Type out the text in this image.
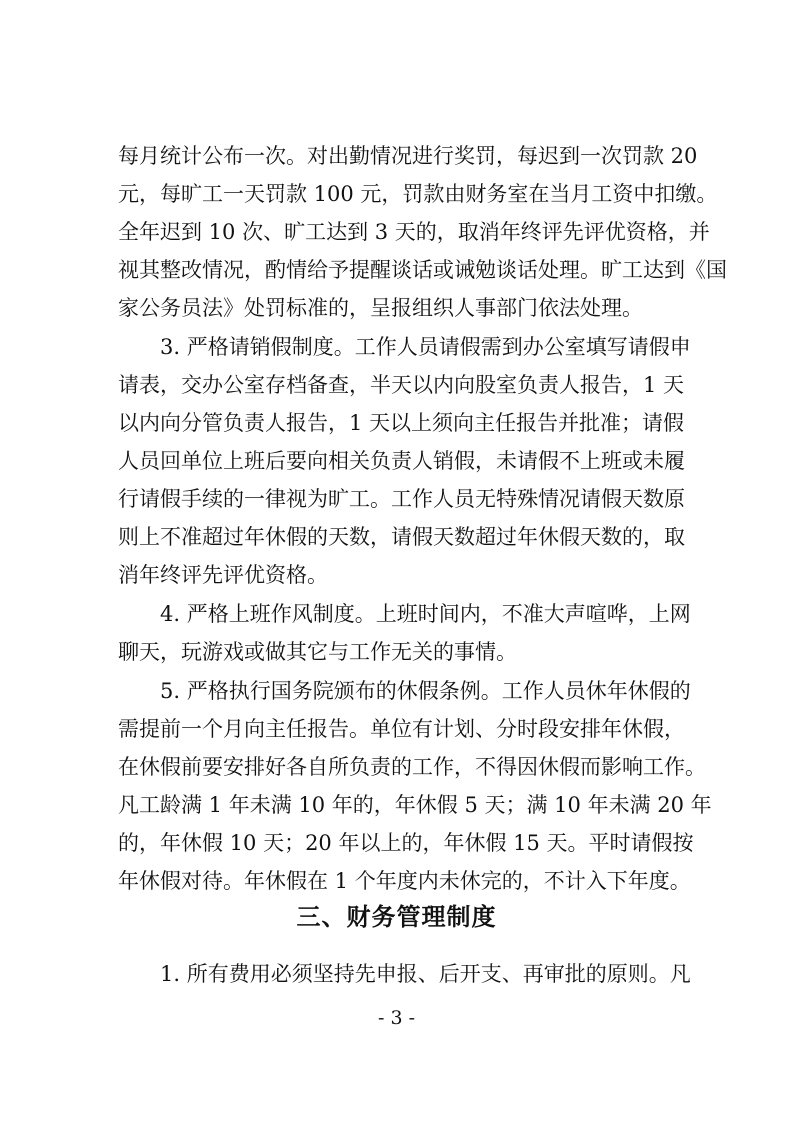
每月统计公布一次。对出勤情况进行奖罚，每迟到一次罚款 20
元，每旷工一天罚款 100 元，罚款由财务室在当月工资中扣缴。
全年迟到 10 次、旷工达到 3 天的，取消年终评先评优资格，并
视其整改情况，酌情给予提醒谈话或诫勉谈话处理。旷工达到《国
家公务员法》处罚标准的，呈报组织人事部门依法处理。
3. 严格请销假制度。工作人员请假需到办公室填写请假申
请表，交办公室存档备查，半天以内向股室负责人报告，1 天
以内向分管负责人报告，1 天以上须向主任报告并批准；请假
人员回单位上班后要向相关负责人销假，未请假不上班或未履
行请假手续的一律视为旷工。工作人员无特殊情况请假天数原
则上不准超过年休假的天数，请假天数超过年休假天数的，取
消年终评先评优资格。
4. 严格上班作风制度。上班时间内，不准大声喧哗，上网
聊天，玩游戏或做其它与工作无关的事情。
5. 严格执行国务院颁布的休假条例。工作人员休年休假的
需提前一个月向主任报告。单位有计划、分时段安排年休假，
在休假前要安排好各自所负责的工作，不得因休假而影响工作。
凡工龄满 1 年未满 10 年的，年休假 5 天；满 10 年未满 20 年
的，年休假 10 天；20 年以上的，年休假 15 天。平时请假按
年休假对待。年休假在 1 个年度内未休完的，不计入下年度。
三、财务管理制度
1. 所有费用必须坚持先申报、后开支、再审批的原则。凡
- 3 -
